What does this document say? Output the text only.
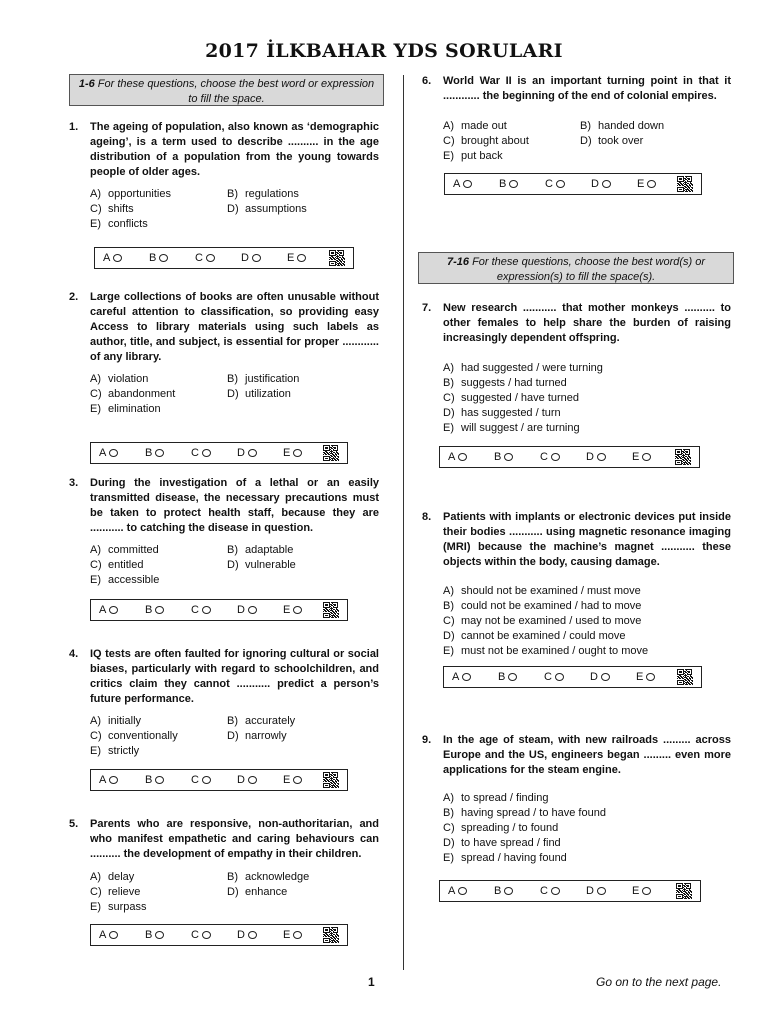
2017 İLKBAHAR YDS SORULARI
1-6 For these questions, choose the best word or expression to fill the space.
7-16 For these questions, choose the best word(s) or expression(s) to fill the space(s).
1. The ageing of population, also known as ‘demographic ageing’, is a term used to describe .......... in the age distribution of a population from the young towards people of older ages.
A) opportunities	B) regulations
C) shifts	D) assumptions
E) conflicts
A	B	C	D	E
2. Large collections of books are often unusable without careful attention to classification, so providing easy Access to library materials using such labels as author, title, and subject, is essential for proper ............ of any library.
A) violation	B) justification
C) abandonment	D) utilization
E) elimination
A	B	C	D	E
3. During the investigation of a lethal or an easily transmitted disease, the necessary precautions must be taken to protect health staff, because they are ........... to catching the disease in question.
A) committed	B) adaptable
C) entitled	D) vulnerable
E) accessible
A	B	C	D	E
4. IQ tests are often faulted for ignoring cultural or social biases, particularly with regard to schoolchildren, and critics claim they cannot ........... predict a person’s future performance.
A) initially	B) accurately
C) conventionally	D) narrowly
E) strictly
A	B	C	D	E
5. Parents who are responsive, non-authoritarian, and who manifest empathetic and caring behaviours can .......... the development of empathy in their children.
A) delay	B) acknowledge
C) relieve	D) enhance
E) surpass
A	B	C	D	E
6. World War II is an important turning point in that it ............ the beginning of the end of colonial empires.
A) made out	B) handed down
C) brought about	D) took over
E) put back
A	B	C	D	E
7. New research ........... that mother monkeys .......... to other females to help share the burden of raising increasingly dependent offspring.
A) had suggested / were turning
B) suggests / had turned
C) suggested / have turned
D) has suggested / turn
E) will suggest / are turning
A	B	C	D	E
8. Patients with implants or electronic devices put inside their bodies ........... using magnetic resonance imaging (MRI) because the machine’s magnet ........... these objects within the body, causing damage.
A) should not be examined / must move
B) could not be examined / had to move
C) may not be examined / used to move
D) cannot be examined / could move
E) must not be examined / ought to move
A	B	C	D	E
9. In the age of steam, with new railroads ......... across Europe and the US, engineers began ......... even more applications for the steam engine.
A) to spread / finding
B) having spread / to have found
C) spreading / to found
D) to have spread / find
E) spread / having found
A	B	C	D	E
1	Go on to the next page.
